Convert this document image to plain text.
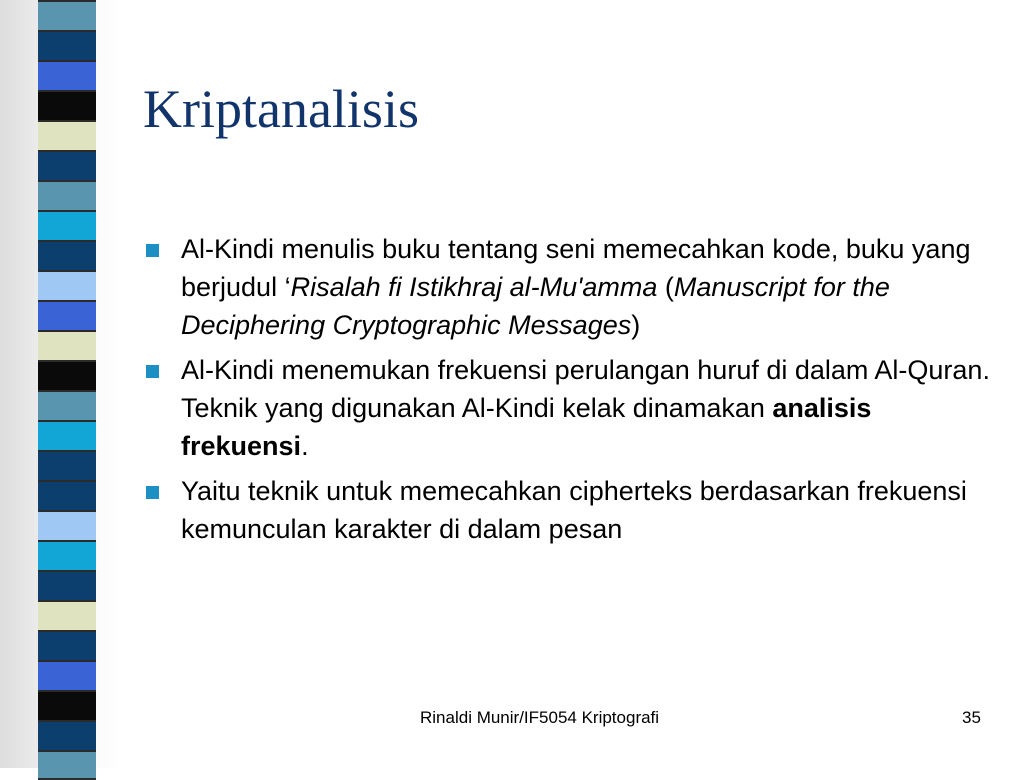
Kriptanalisis
Al-Kindi menulis buku tentang seni memecahkan kode, buku yang berjudul ‘Risalah fi Istikhraj al-Mu'amma (Manuscript for the Deciphering Cryptographic Messages)
Al-Kindi menemukan frekuensi perulangan huruf di dalam Al-Quran. Teknik yang digunakan Al-Kindi kelak dinamakan analisis frekuensi.
Yaitu teknik untuk memecahkan cipherteks berdasarkan frekuensi kemunculan karakter di dalam pesan
Rinaldi Munir/IF5054 Kriptografi	35
